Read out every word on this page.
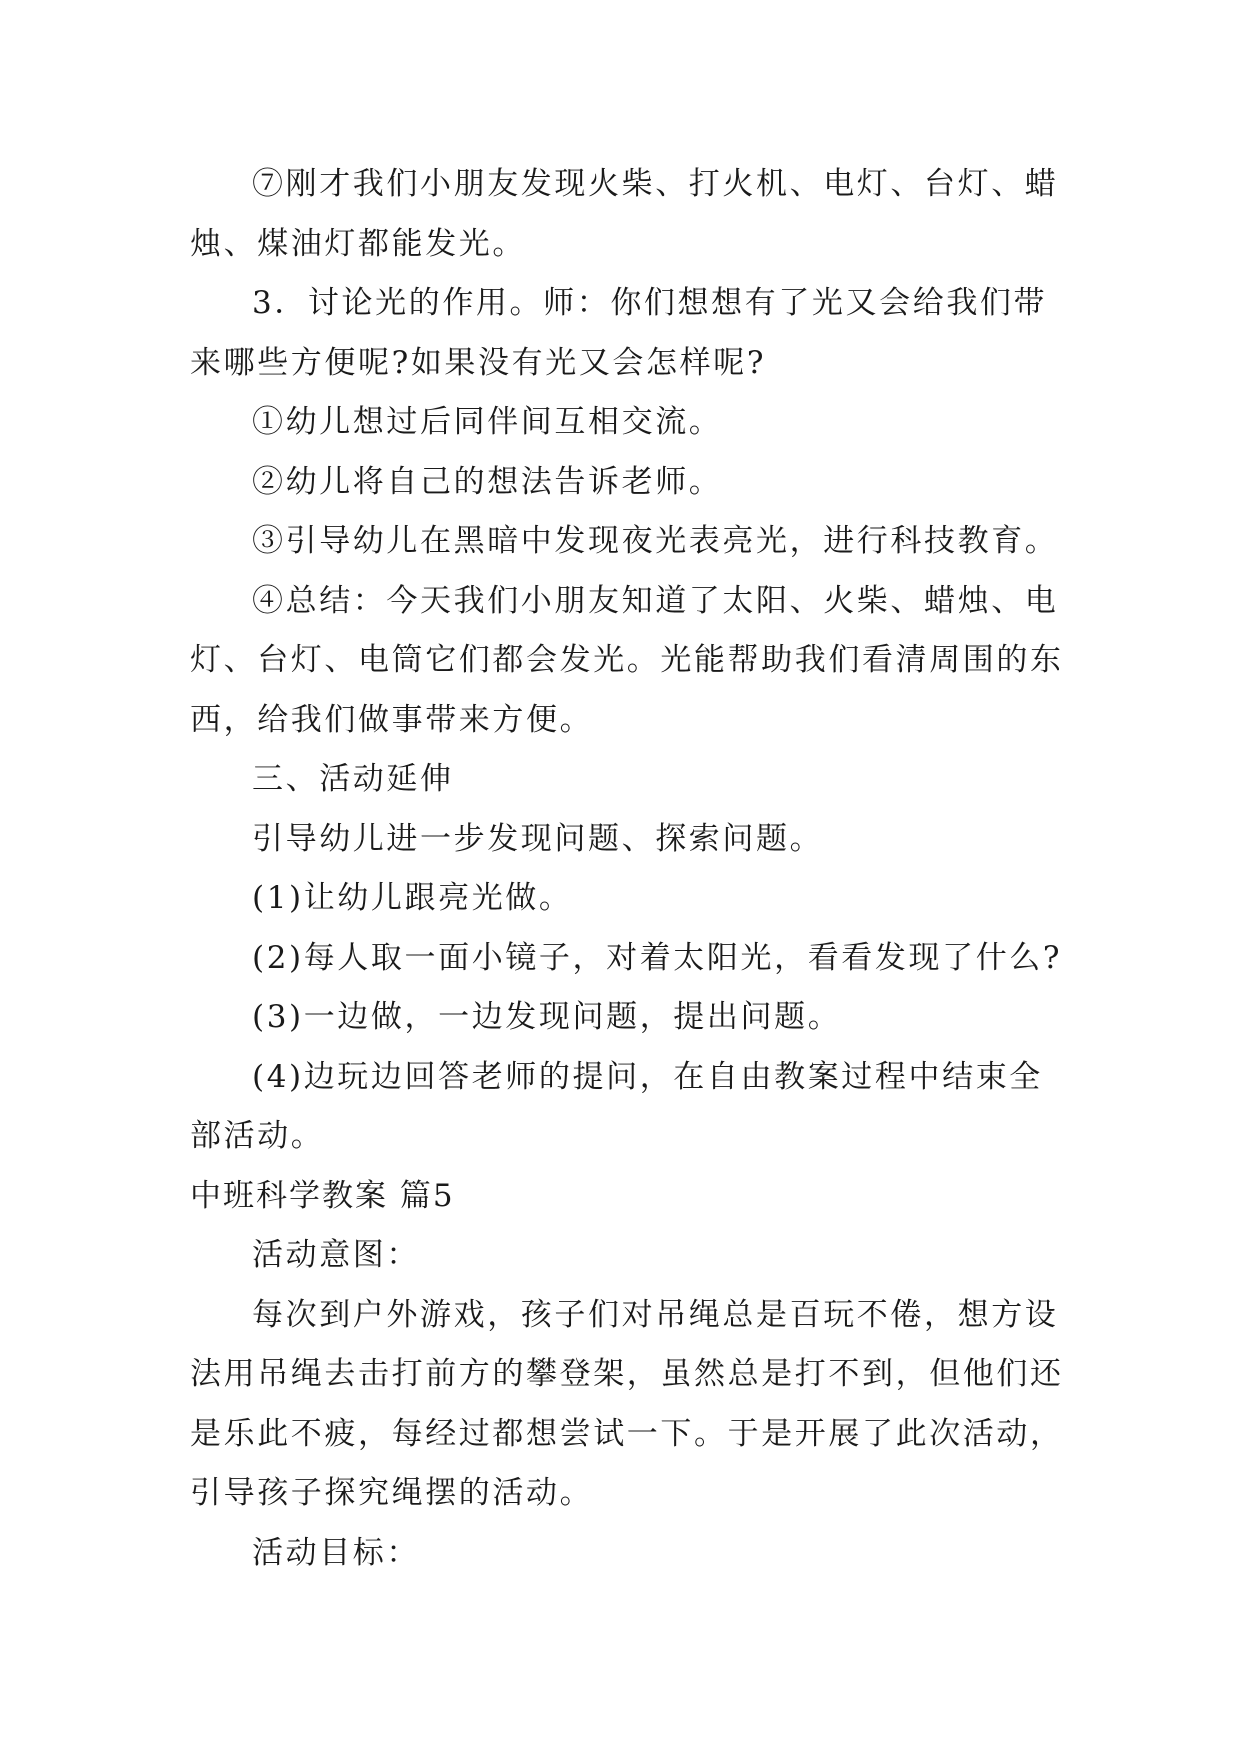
⑦刚才我们小朋友发现火柴、打火机、电灯、台灯、蜡

烛、煤油灯都能发光。

3．讨论光的作用。师：你们想想有了光又会给我们带

来哪些方便呢?如果没有光又会怎样呢?

①幼儿想过后同伴间互相交流。

②幼儿将自己的想法告诉老师。

③引导幼儿在黑暗中发现夜光表亮光，进行科技教育。

④总结：今天我们小朋友知道了太阳、火柴、蜡烛、电

灯、台灯、电筒它们都会发光。光能帮助我们看清周围的东

西，给我们做事带来方便。

三、活动延伸

引导幼儿进一步发现问题、探索问题。

(1)让幼儿跟亮光做。

(2)每人取一面小镜子，对着太阳光，看看发现了什么?

(3)一边做，一边发现问题，提出问题。

(4)边玩边回答老师的提问，在自由教案过程中结束全

部活动。

中班科学教案 篇5

活动意图：

每次到户外游戏，孩子们对吊绳总是百玩不倦，想方设

法用吊绳去击打前方的攀登架，虽然总是打不到，但他们还

是乐此不疲，每经过都想尝试一下。于是开展了此次活动，

引导孩子探究绳摆的活动。

活动目标：
